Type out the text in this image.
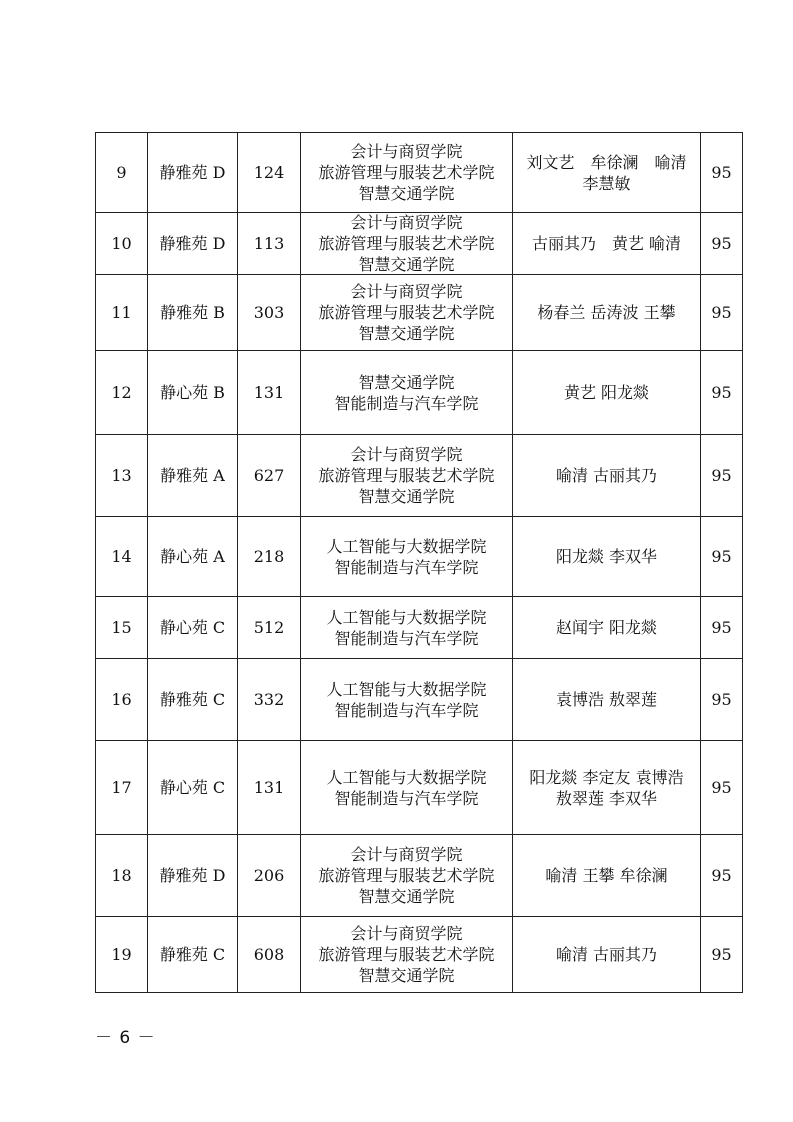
9	静雅苑 D	124	会计与商贸学院
旅游管理与服装艺术学院
智慧交通学院	刘文艺　牟徐澜　喻清
李慧敏	95
10	静雅苑 D	113	会计与商贸学院
旅游管理与服装艺术学院
智慧交通学院	古丽其乃　黄艺 喻清	95
11	静雅苑 B	303	会计与商贸学院
旅游管理与服装艺术学院
智慧交通学院	杨春兰 岳涛波 王攀	95
12	静心苑 B	131	智慧交通学院
智能制造与汽车学院	黄艺 阳龙燚	95
13	静雅苑 A	627	会计与商贸学院
旅游管理与服装艺术学院
智慧交通学院	喻清 古丽其乃	95
14	静心苑 A	218	人工智能与大数据学院
智能制造与汽车学院	阳龙燚 李双华	95
15	静心苑 C	512	人工智能与大数据学院
智能制造与汽车学院	赵闻宇 阳龙燚	95
16	静雅苑 C	332	人工智能与大数据学院
智能制造与汽车学院	袁博浩 敖翠莲	95
17	静心苑 C	131	人工智能与大数据学院
智能制造与汽车学院	阳龙燚 李定友 袁博浩
敖翠莲 李双华	95
18	静雅苑 D	206	会计与商贸学院
旅游管理与服装艺术学院
智慧交通学院	喻清 王攀 牟徐澜	95
19	静雅苑 C	608	会计与商贸学院
旅游管理与服装艺术学院
智慧交通学院	喻清 古丽其乃	95
－ 6 －
